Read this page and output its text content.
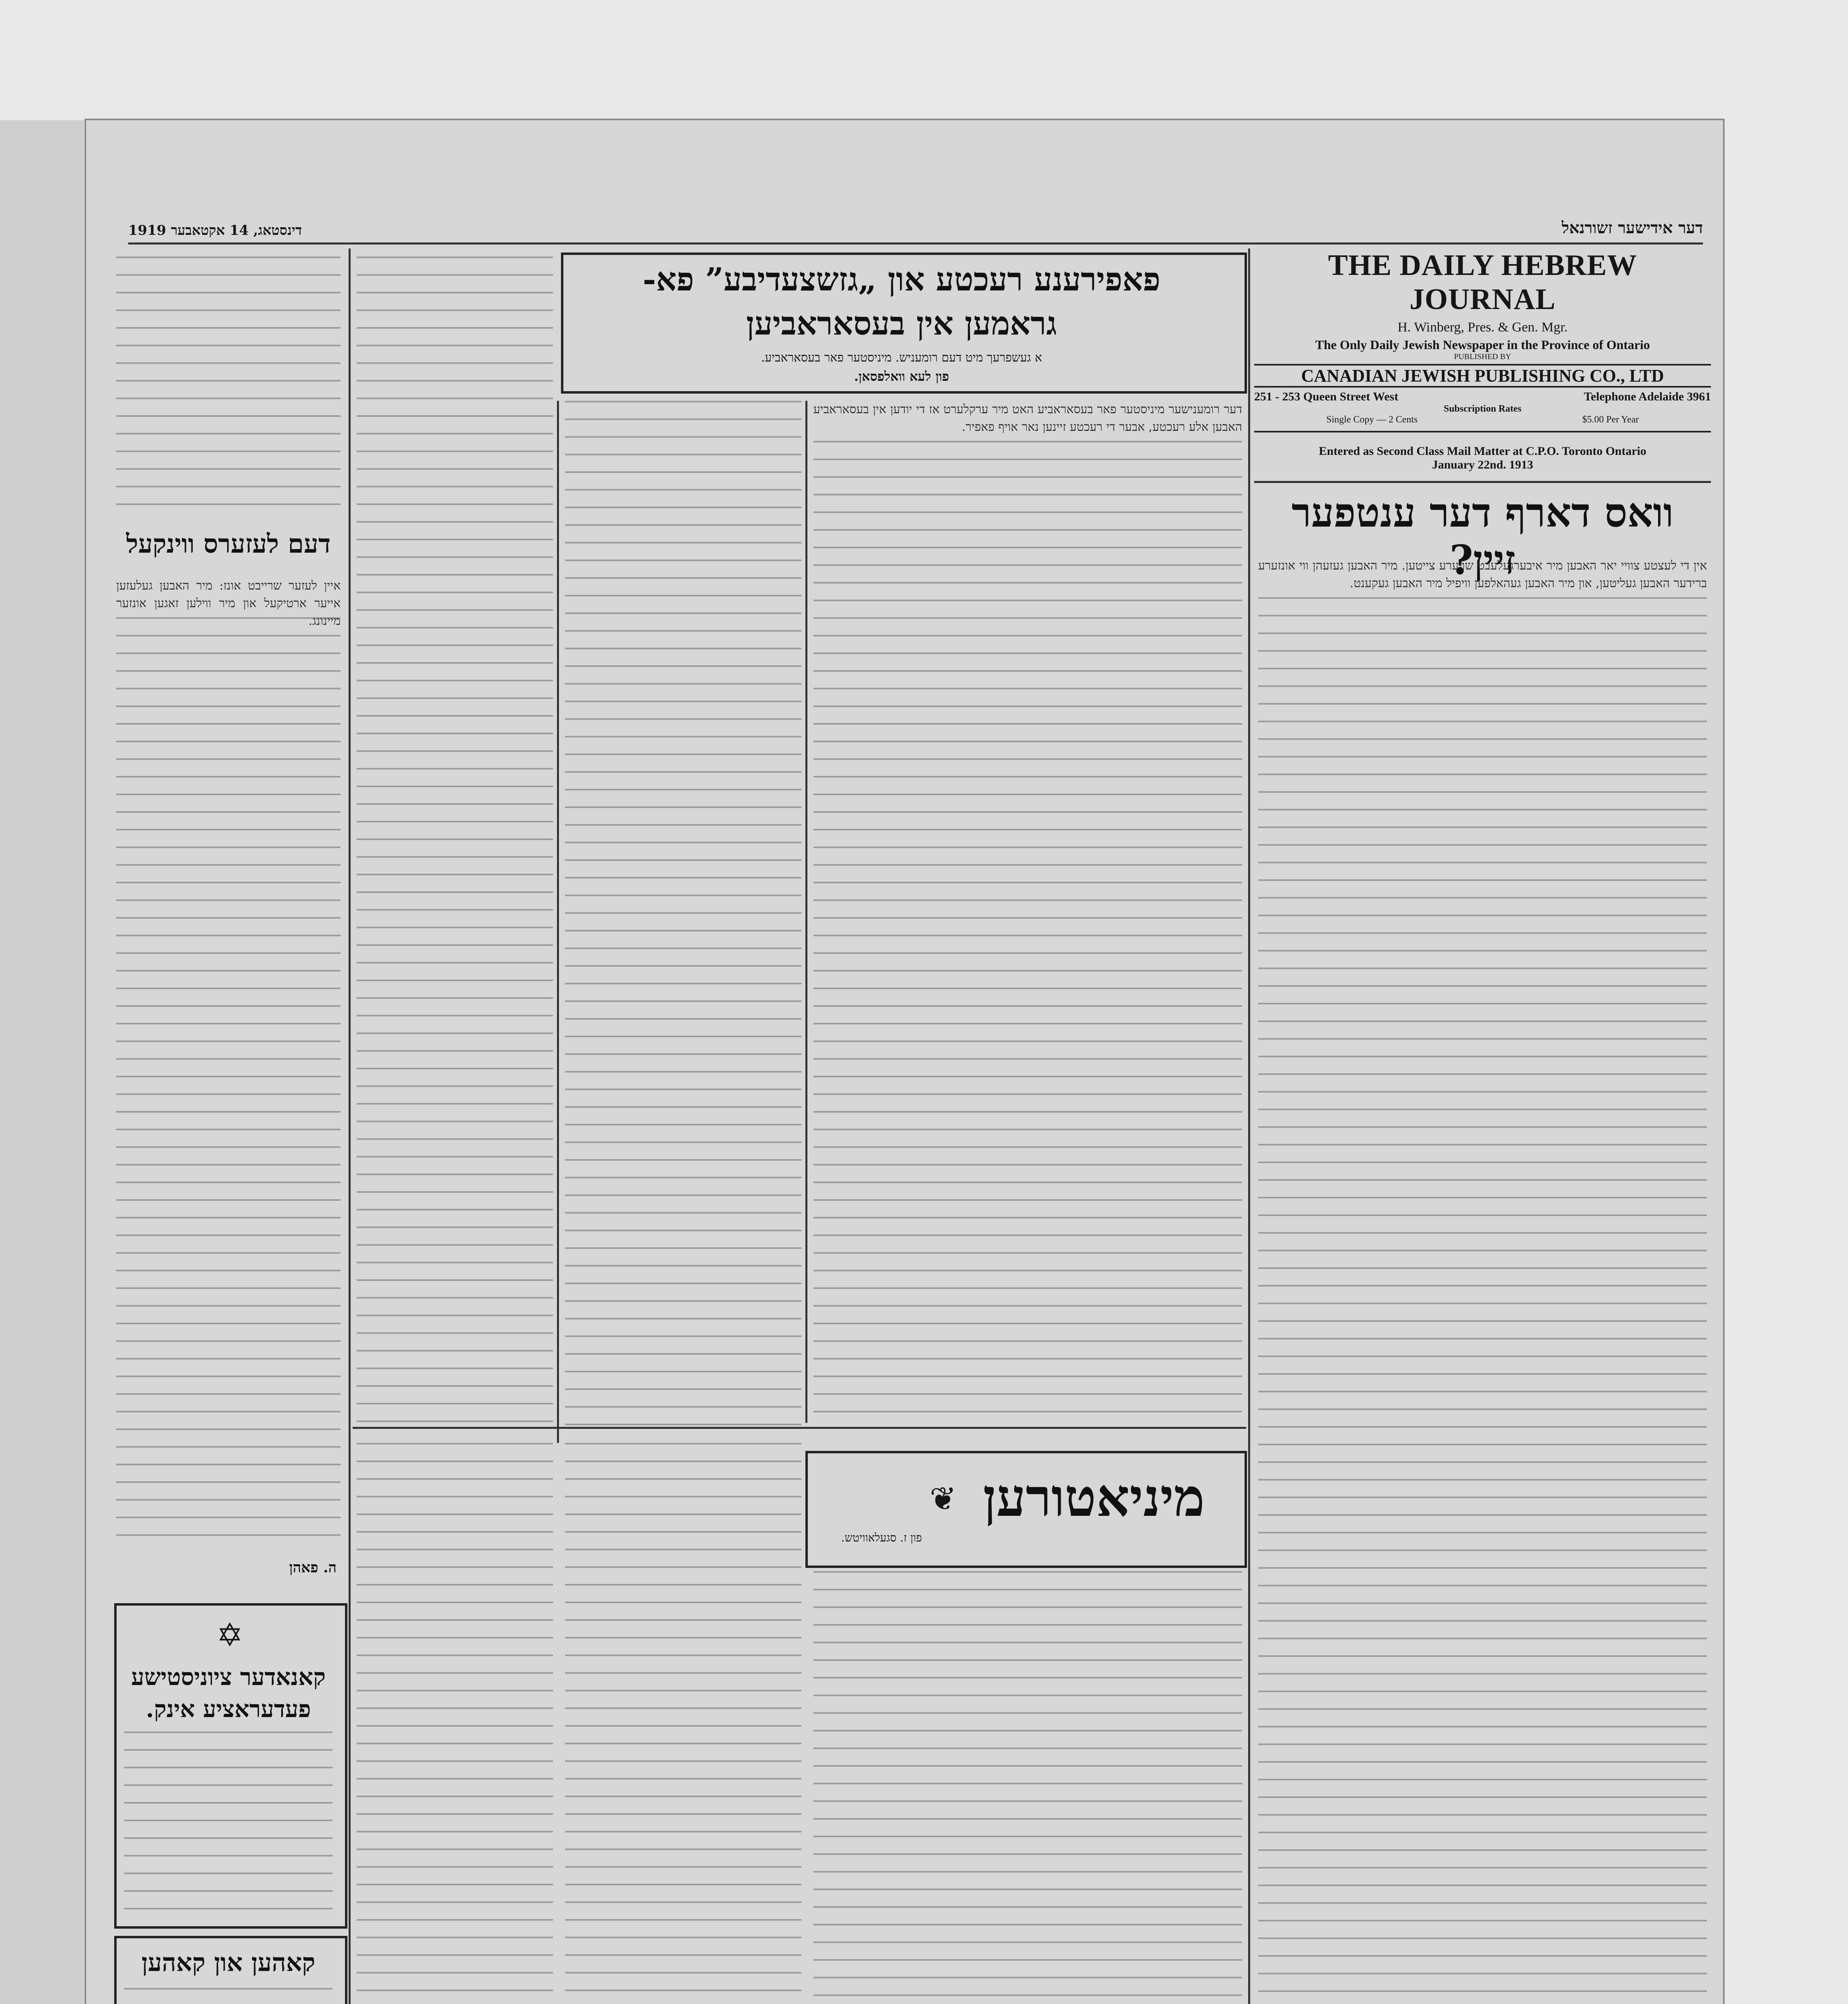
דינסטאג, 14 אקטאבער 1919	דער אידישער זשורנאל
THE DAILY HEBREW JOURNAL
H. Winberg, Pres. & Gen. Mgr.
The Only Daily Jewish Newspaper in the Province of Ontario
PUBLISHED BY
CANADIAN JEWISH PUBLISHING CO., LTD
251 - 253 Queen Street West	Telephone Adelaide 3961
Subscription Rates
Single Copy — 2 Cents	$5.00 Per Year
Entered as Second Class Mail Matter at C.P.O. Toronto Ontario
January 22nd. 1913
וואס דארף דער ענטפער זיין?
אין די לעצטע צוויי יאר האבען מיר איבערגעלעבט שווערע צייטען. מיר האבען געזעהן ווי אונזערע ברידער האבען געליטען, און מיר האבען געהאלפען וויפיל מיר האבען געקענט.
פאפירענע רעכטע און „גזשצעדיבע” פא-
גראמען אין בעסאראביען
א געשפרעך מיט דעם רומעניש. מיניסטער פאר בעסאראביע.
פון לעא וואלפסאן.
דער רומענישער מיניסטער פאר בעסאראביע האט מיר ערקלערט אז די יודען אין בעסאראביע האבען אלע רעכטע, אבער די רעכטע זיינען נאר אויף פאפיר.
מיניאטורען
פון ז. סגעלאוויטש.
❦
דעם לעזערס ווינקעל
איין לעזער שרייבט אונז: מיר האבען געלעזען אייער ארטיקעל און מיר ווילען זאגען אונזער מיינונג.
ה. פאהן
✡
קאנאדער ציוניסטישע
פעדעראציע אינק.
קאהען און קאהען
